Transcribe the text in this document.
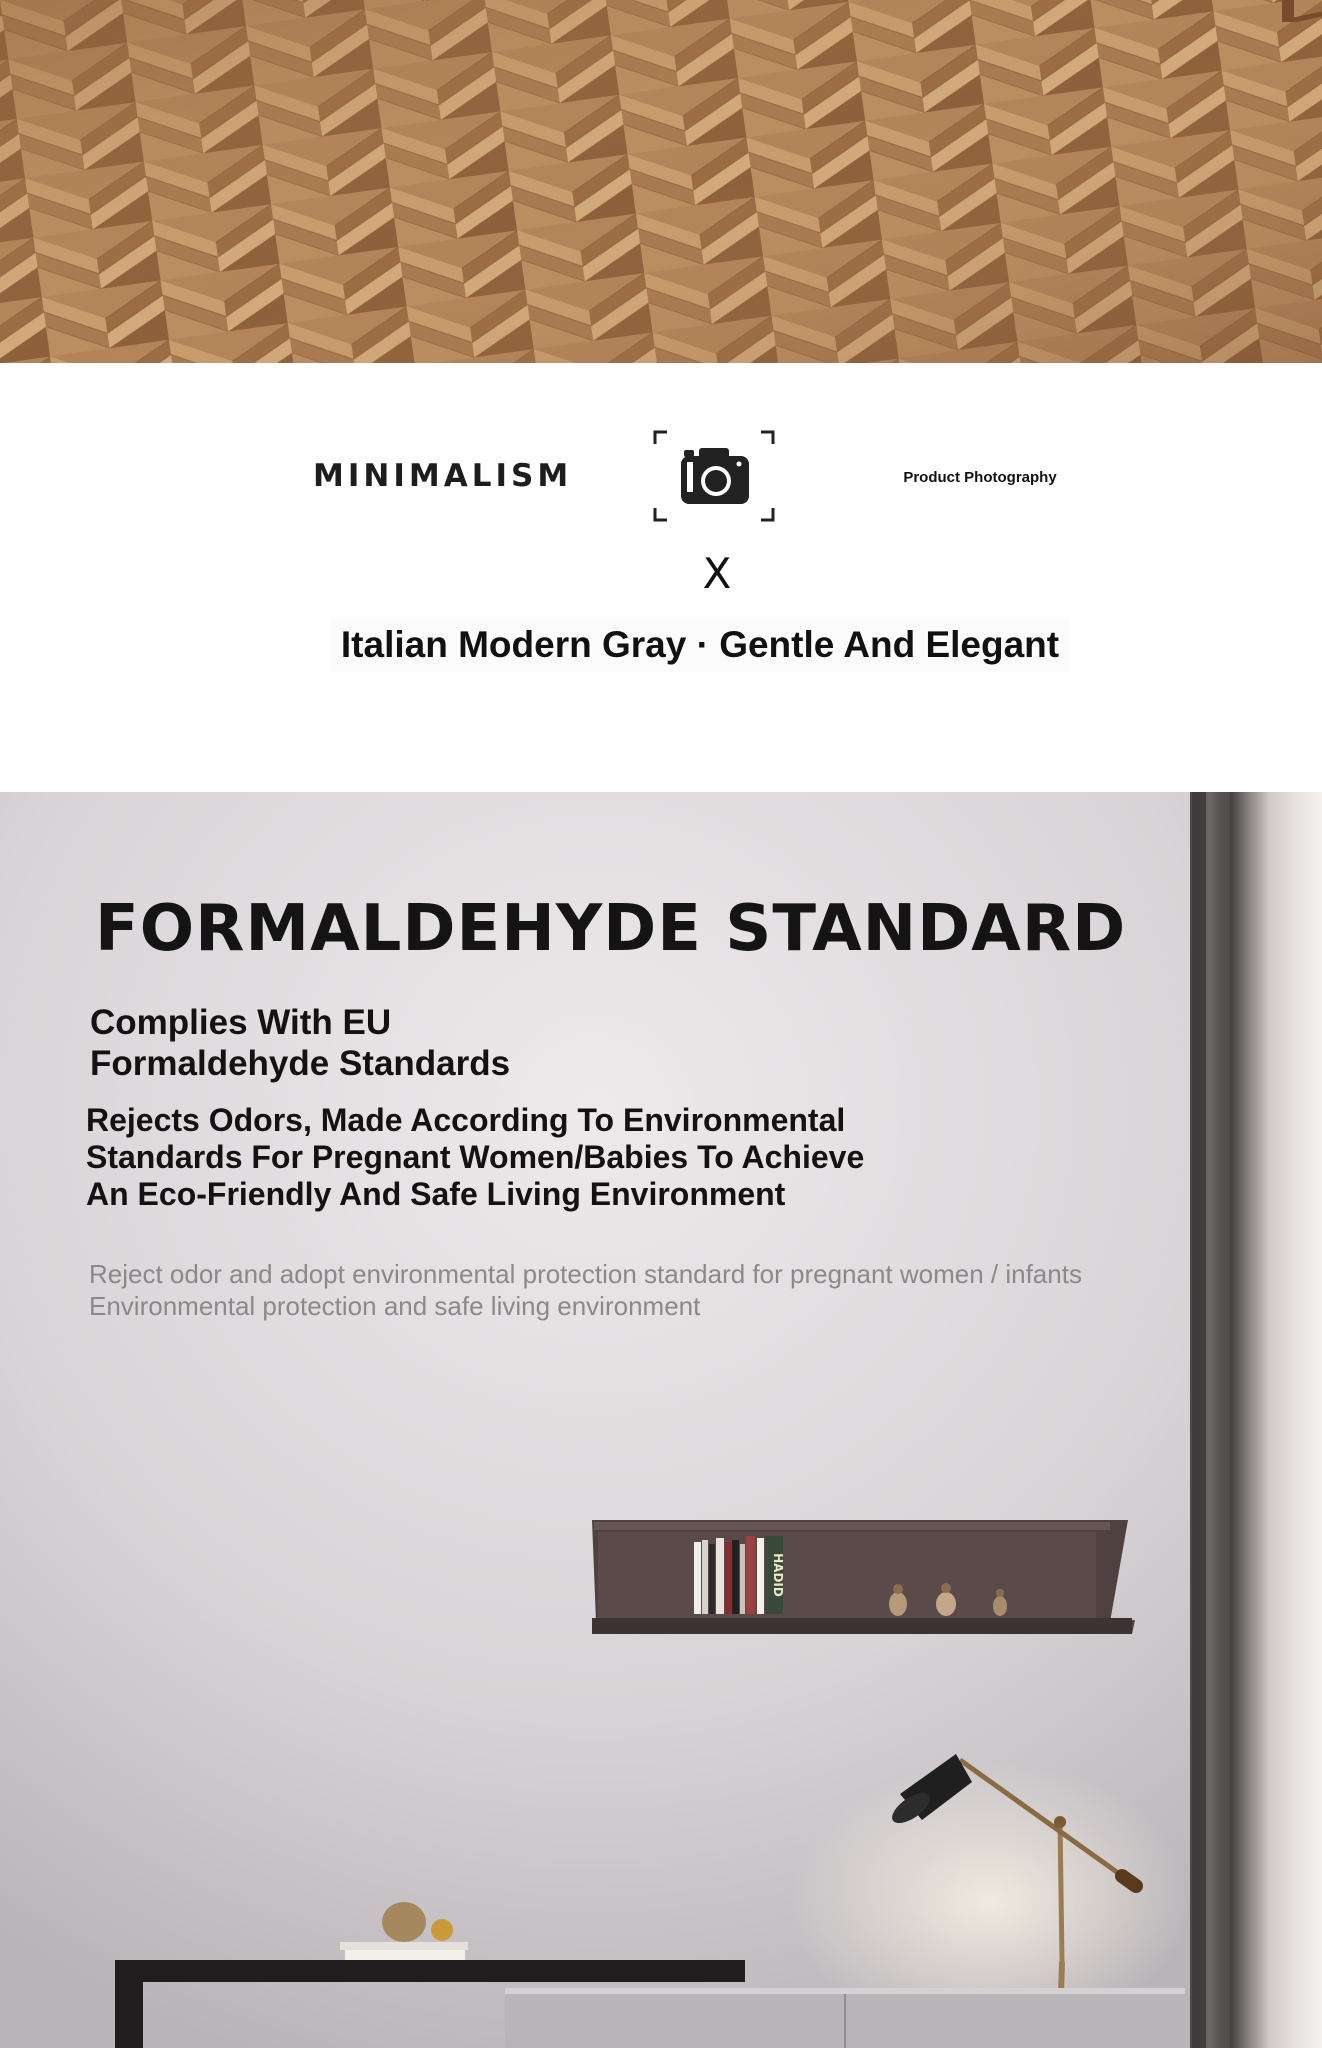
MINIMALISM	Product Photography
X
Italian Modern Gray · Gentle And Elegant
HADID
FORMALDEHYDE STANDARD
Complies With EU
Formaldehyde Standards
Rejects Odors, Made According To Environmental
Standards For Pregnant Women/Babies To Achieve
An Eco-Friendly And Safe Living Environment
Reject odor and adopt environmental protection standard for pregnant women / infants
Environmental protection and safe living environment
